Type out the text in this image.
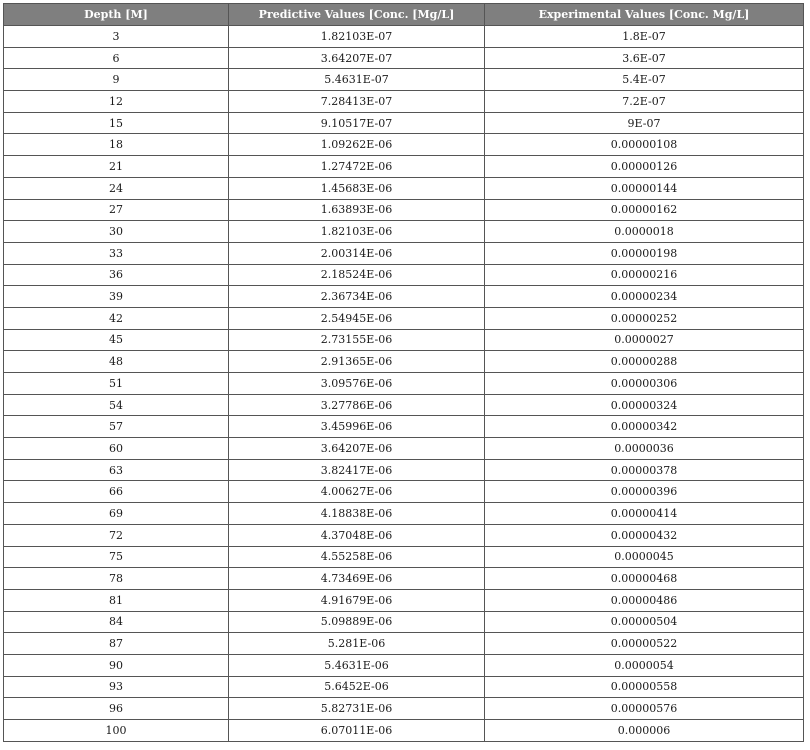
Depth [M]	Predictive Values [Conc. [Mg/L]	Experimental Values [Conc. Mg/L]
3	1.82103E-07	1.8E-07
6	3.64207E-07	3.6E-07
9	5.4631E-07	5.4E-07
12	7.28413E-07	7.2E-07
15	9.10517E-07	9E-07
18	1.09262E-06	0.00000108
21	1.27472E-06	0.00000126
24	1.45683E-06	0.00000144
27	1.63893E-06	0.00000162
30	1.82103E-06	0.0000018
33	2.00314E-06	0.00000198
36	2.18524E-06	0.00000216
39	2.36734E-06	0.00000234
42	2.54945E-06	0.00000252
45	2.73155E-06	0.0000027
48	2.91365E-06	0.00000288
51	3.09576E-06	0.00000306
54	3.27786E-06	0.00000324
57	3.45996E-06	0.00000342
60	3.64207E-06	0.0000036
63	3.82417E-06	0.00000378
66	4.00627E-06	0.00000396
69	4.18838E-06	0.00000414
72	4.37048E-06	0.00000432
75	4.55258E-06	0.0000045
78	4.73469E-06	0.00000468
81	4.91679E-06	0.00000486
84	5.09889E-06	0.00000504
87	5.281E-06	0.00000522
90	5.4631E-06	0.0000054
93	5.6452E-06	0.00000558
96	5.82731E-06	0.00000576
100	6.07011E-06	0.000006
